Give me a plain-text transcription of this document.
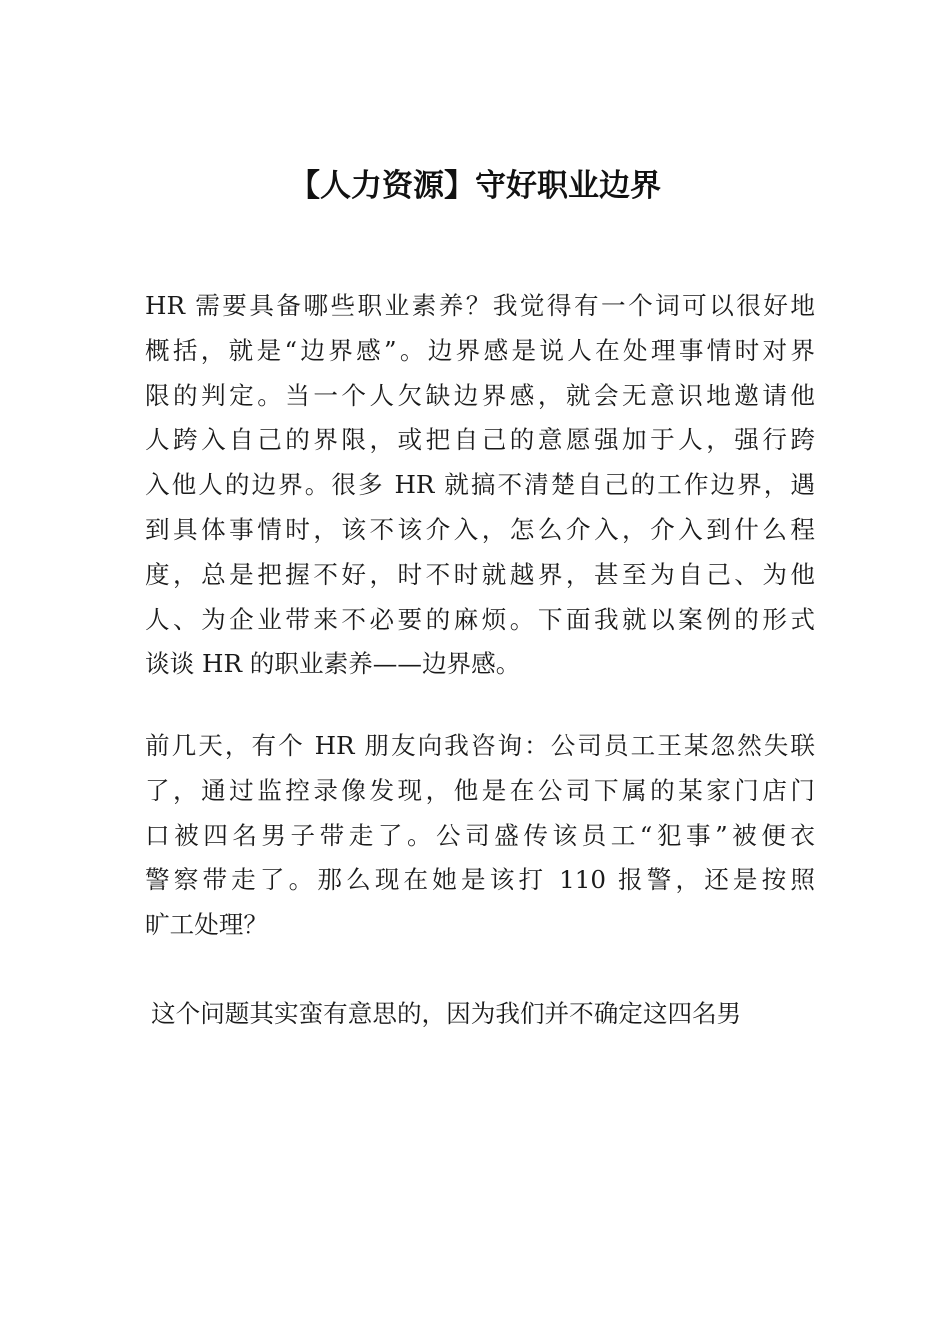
【人力资源】守好职业边界
HR 需要具备哪些职业素养？我觉得有一个词可以很好地
概括，就是“边界感”。边界感是说人在处理事情时对界
限的判定。当一个人欠缺边界感，就会无意识地邀请他
人跨入自己的界限，或把自己的意愿强加于人，强行跨
入他人的边界。很多 HR 就搞不清楚自己的工作边界，遇
到具体事情时，该不该介入，怎么介入，介入到什么程
度，总是把握不好，时不时就越界，甚至为自己、为他
人、为企业带来不必要的麻烦。下面我就以案例的形式
谈谈 HR 的职业素养——边界感。
前几天，有个 HR 朋友向我咨询：公司员工王某忽然失联
了，通过监控录像发现，他是在公司下属的某家门店门
口被四名男子带走了。公司盛传该员工“犯事”被便衣
警察带走了。那么现在她是该打 110 报警，还是按照
旷工处理？
这个问题其实蛮有意思的，因为我们并不确定这四名男
